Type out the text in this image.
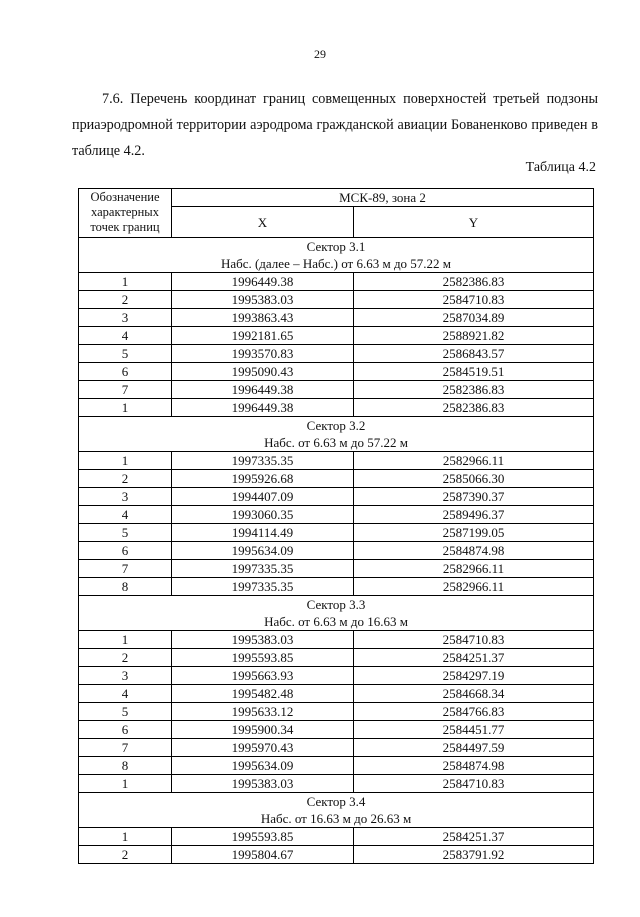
29

7.6. Перечень координат границ совмещенных поверхностей третьей подзоны приаэродромной территории аэродрома гражданской авиации Бованенково приведен в таблице 4.2.

Таблица 4.2
Обозначение характерных точек границ	МСК-89, зона 2	
	X	Y

Сектор 3.1
Набс. (далее – Набс.) от 6.63 м до 57.22 м		

1	1996449.38	2582386.83
2	1995383.03	2584710.83
3	1993863.43	2587034.89
4	1992181.65	2588921.82
5	1993570.83	2586843.57
6	1995090.43	2584519.51
7	1996449.38	2582386.83
1	1996449.38	2582386.83

Сектор 3.2
Набс. от 6.63 м до 57.22 м		

1	1997335.35	2582966.11
2	1995926.68	2585066.30
3	1994407.09	2587390.37
4	1993060.35	2589496.37
5	1994114.49	2587199.05
6	1995634.09	2584874.98
7	1997335.35	2582966.11
8	1997335.35	2582966.11

Сектор 3.3
Набс. от 6.63 м до 16.63 м		

1	1995383.03	2584710.83
2	1995593.85	2584251.37
3	1995663.93	2584297.19
4	1995482.48	2584668.34
5	1995633.12	2584766.83
6	1995900.34	2584451.77
7	1995970.43	2584497.59
8	1995634.09	2584874.98
1	1995383.03	2584710.83

Сектор 3.4
Набс. от 16.63 м до 26.63 м		

1	1995593.85	2584251.37
2	1995804.67	2583791.92
